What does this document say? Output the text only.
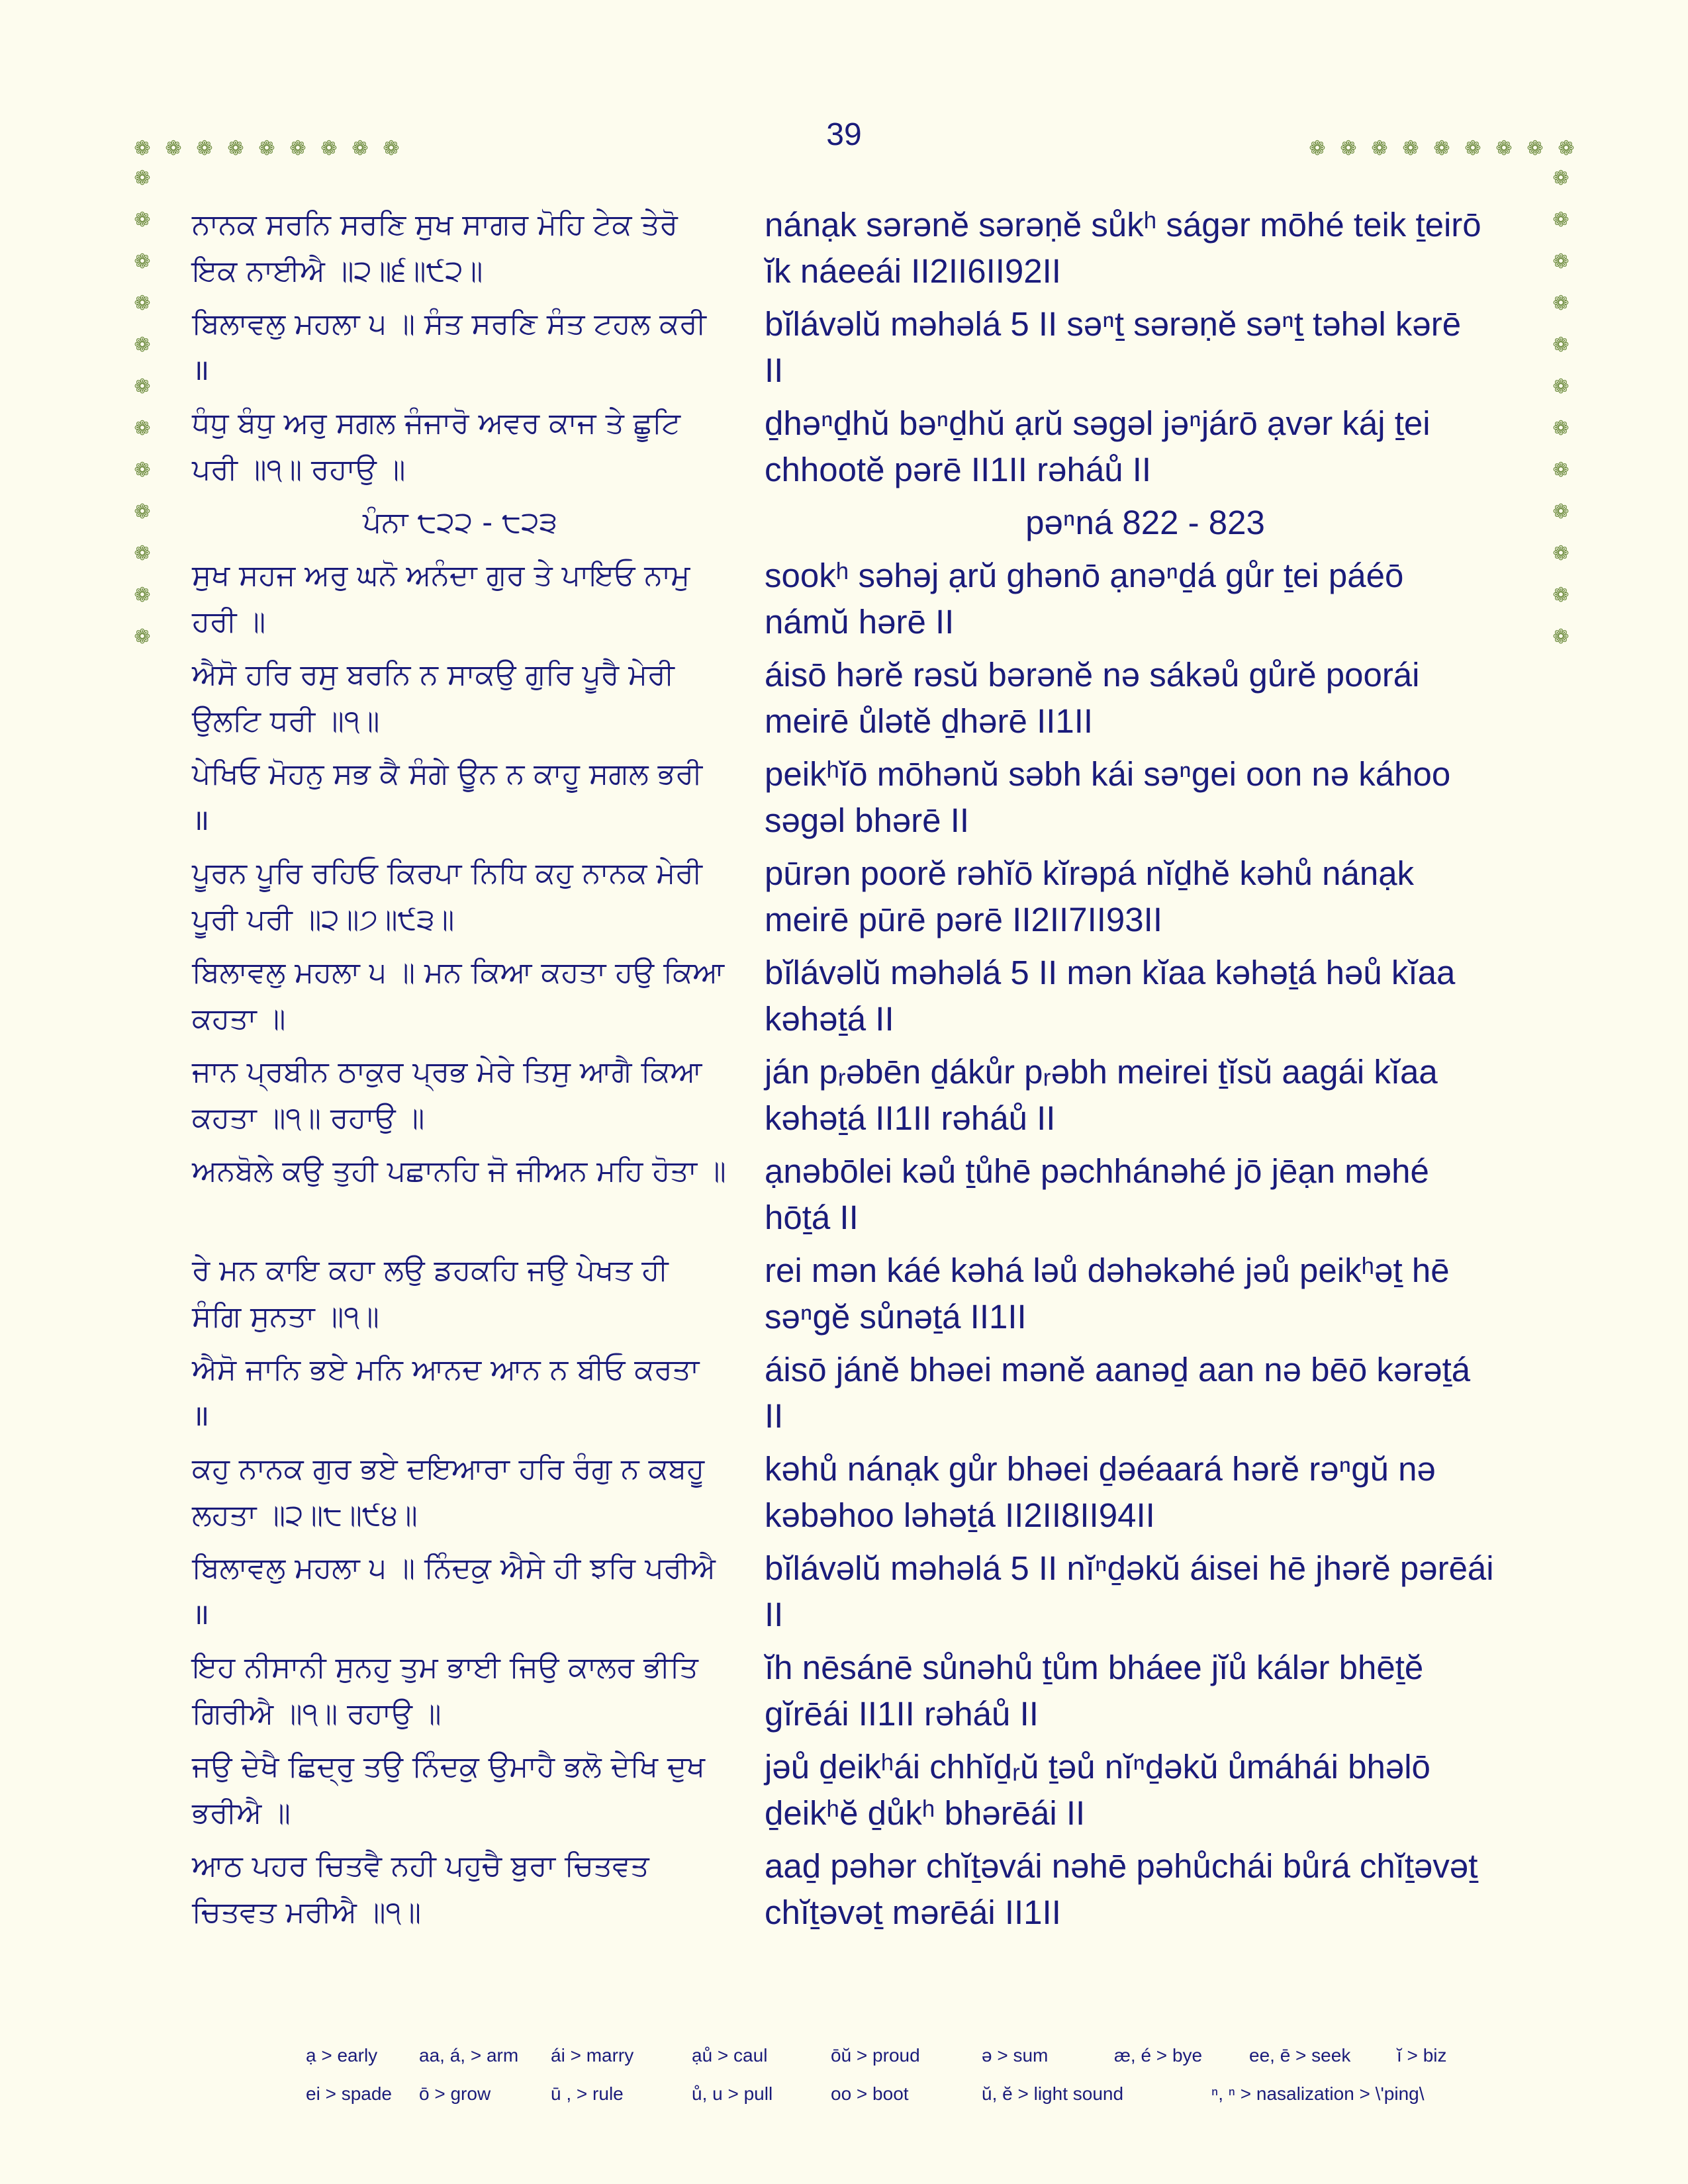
39
❁ ❁ ❁ ❁ ❁ ❁ ❁ ❁ ❁	❁ ❁ ❁ ❁ ❁ ❁ ❁ ❁ ❁
❁
❁
❁
❁
❁
❁
❁
❁
❁
❁
❁
❁
❁
❁
❁
❁
❁
❁
❁
❁
❁
❁
❁
❁
ਨਾਨਕ ਸਰਨਿ ਸਰਣਿ ਸੁਖ ਸਾਗਰ ਮੋਹਿ ਟੇਕ ਤੇਰੋ
ਇਕ ਨਾਈਐ ॥੨॥੬॥੯੨॥
nánạk sərənĕ sərəṇĕ sůkʰ ságər mōhé teik ṯeirō
ĭk náeeái II2II6II92II
ਬਿਲਾਵਲੁ ਮਹਲਾ ੫ ॥ ਸੰਤ ਸਰਣਿ ਸੰਤ ਟਹਲ ਕਰੀ
॥
bĭlávəlŭ məhəlá 5 II səⁿṯ sərəṇĕ səⁿṯ təhəl kərē
II
ਧੰਧੁ ਬੰਧੁ ਅਰੁ ਸਗਲ ਜੰਜਾਰੋ ਅਵਰ ਕਾਜ ਤੇ ਛੂਟਿ
ਪਰੀ ॥੧॥ ਰਹਾਉ ॥
ḏhəⁿḏhŭ bəⁿḏhŭ ạrŭ səgəl jəⁿjárō ạvər káj ṯei
chhootĕ pərē II1II rəháů II
ਪੰਨਾ ੮੨੨ - ੮੨੩	pəⁿná 822 - 823
ਸੁਖ ਸਹਜ ਅਰੁ ਘਨੋ ਅਨੰਦਾ ਗੁਰ ਤੇ ਪਾਇਓ ਨਾਮੁ
ਹਰੀ ॥
sookʰ səhəj ạrŭ ghənō ạnəⁿḏá gůr ṯei páéō
námŭ hərē II
ਐਸੋ ਹਰਿ ਰਸੁ ਬਰਨਿ ਨ ਸਾਕਉ ਗੁਰਿ ਪੂਰੈ ਮੇਰੀ
ਉਲਟਿ ਧਰੀ ॥੧॥
áisō hərĕ rəsŭ bərənĕ nə sákəů gůrĕ poorái
meirē ůlətĕ ḏhərē II1II
ਪੇਖਿਓ ਮੋਹਨੁ ਸਭ ਕੈ ਸੰਗੇ ਊਨ ਨ ਕਾਹੂ ਸਗਲ ਭਰੀ
॥
peikʰĭō mōhənŭ səbh kái səⁿgei oon nə káhoo
səgəl bhərē II
ਪੂਰਨ ਪੂਰਿ ਰਹਿਓ ਕਿਰਪਾ ਨਿਧਿ ਕਹੁ ਨਾਨਕ ਮੇਰੀ
ਪੂਰੀ ਪਰੀ ॥੨॥੭॥੯੩॥
pūrən poorĕ rəhĭō kĭrəpá nĭḏhĕ kəhů nánạk
meirē pūrē pərē II2II7II93II
ਬਿਲਾਵਲੁ ਮਹਲਾ ੫ ॥ ਮਨ ਕਿਆ ਕਹਤਾ ਹਉ ਕਿਆ
ਕਹਤਾ ॥
bĭlávəlŭ məhəlá 5 II mən kĭaa kəhəṯá həů kĭaa
kəhəṯá II
ਜਾਨ ਪ੍ਰਬੀਨ ਠਾਕੁਰ ਪ੍ਰਭ ਮੇਰੇ ਤਿਸੁ ਆਗੈ ਕਿਆ
ਕਹਤਾ ॥੧॥ ਰਹਾਉ ॥
ján pᵣəbēn ḏákůr pᵣəbh meirei ṯĭsŭ aagái kĭaa
kəhəṯá II1II rəháů II
ਅਨਬੋਲੇ ਕਉ ਤੁਹੀ ਪਛਾਨਹਿ ਜੋ ਜੀਅਨ ਮਹਿ ਹੋਤਾ ॥ ạnəbōlei kəů ṯůhē pəchhánəhé jō jēạn məhé
hōṯá II
ਰੇ ਮਨ ਕਾਇ ਕਹਾ ਲਉ ਡਹਕਹਿ ਜਉ ਪੇਖਤ ਹੀ
ਸੰਗਿ ਸੁਨਤਾ ॥੧॥
rei mən káé kəhá ləů dəhəkəhé jəů peikʰəṯ hē
səⁿgĕ sůnəṯá II1II
ਐਸੋ ਜਾਨਿ ਭਏ ਮਨਿ ਆਨਦ ਆਨ ਨ ਬੀਓ ਕਰਤਾ
॥
áisō jánĕ bhəei mənĕ aanəḏ aan nə bēō kərəṯá
II
ਕਹੁ ਨਾਨਕ ਗੁਰ ਭਏ ਦਇਆਰਾ ਹਰਿ ਰੰਗੁ ਨ ਕਬਹੂ
ਲਹਤਾ ॥੨॥੮॥੯੪॥
kəhů nánạk gůr bhəei ḏəéaará hərĕ rəⁿgŭ nə
kəbəhoo ləhəṯá II2II8II94II
ਬਿਲਾਵਲੁ ਮਹਲਾ ੫ ॥ ਨਿੰਦਕੁ ਐਸੇ ਹੀ ਝਰਿ ਪਰੀਐ
॥
bĭlávəlŭ məhəlá 5 II nĭⁿḏəkŭ áisei hē jhərĕ pərēái
II
ਇਹ ਨੀਸਾਨੀ ਸੁਨਹੁ ਤੁਮ ਭਾਈ ਜਿਉ ਕਾਲਰ ਭੀਤਿ
ਗਿਰੀਐ ॥੧॥ ਰਹਾਉ ॥
ĭh nēsánē sůnəhů ṯům bháee jĭů kálər bhēṯĕ
gĭrēái II1II rəháů II
ਜਉ ਦੇਖੈ ਛਿਦ੍ਰੁ ਤਉ ਨਿੰਦਕੁ ਉਮਾਹੈ ਭਲੋ ਦੇਖਿ ਦੁਖ
ਭਰੀਐ ॥
jəů ḏeikʰái chhĭḏᵣŭ ṯəů nĭⁿḏəkŭ ůmáhái bhəlō
ḏeikʰĕ ḏůkʰ bhərēái II
ਆਠ ਪਹਰ ਚਿਤਵੈ ਨਹੀ ਪਹੁਚੈ ਬੁਰਾ ਚਿਤਵਤ
ਚਿਤਵਤ ਮਰੀਐ ॥੧॥
aaḏ pəhər chĭṯəvái nəhē pəhůchái bůrá chĭṯəvəṯ
chĭṯəvəṯ mərēái II1II
ạ > early aa, á, > arm ái > marry	ạů > caul	ōŭ > proud	ə > sum	æ, é > bye	ee, ē > seek ĭ > biz
ei > spade ō > grow	ū , > rule	ů, u > pull	oo > boot	ŭ, ĕ > light sound	ⁿ, ⁿ > nasalization > \'ping\
